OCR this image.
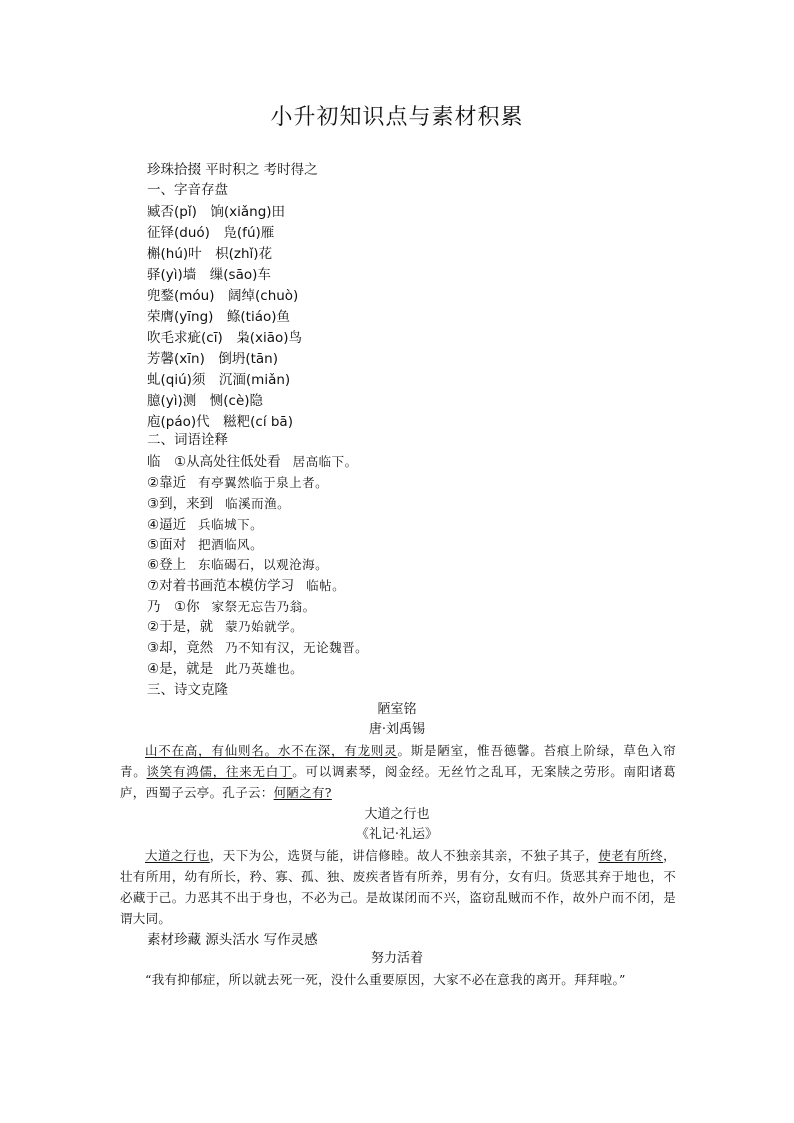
小升初知识点与素材积累
珍珠拾掇 平时积之 考时得之
一、字音存盘
臧否(pǐ)　饷(xiǎng)田
征铎(duó)　凫(fú)雁
槲(hú)叶　枳(zhǐ)花
驿(yì)墙　缫(sāo)车
兜鍪(móu)　阔绰(chuò)
荣膺(yīng)　鲦(tiáo)鱼
吹毛求疵(cī)　枭(xiāo)鸟
芳馨(xīn)　倒坍(tān)
虬(qiú)须　沉湎(miǎn)
臆(yì)测　恻(cè)隐
庖(páo)代　糍粑(cí bā)
二、词语诠释
临　①从高处往低处看 居高临下。
②靠近 有亭翼然临于泉上者。
③到，来到 临溪而渔。
④逼近 兵临城下。
⑤面对 把酒临风。
⑥登上 东临碣石，以观沧海。
⑦对着书画范本模仿学习 临帖。
乃　①你 家祭无忘告乃翁。
②于是，就 蒙乃始就学。
③却，竟然 乃不知有汉，无论魏晋。
④是，就是 此乃英雄也。
三、诗文克隆
陋室铭
唐·刘禹锡
山不在高，有仙则名。水不在深，有龙则灵。斯是陋室，惟吾德馨。苔痕上阶绿，草色入帘青。谈笑有鸿儒，往来无白丁。可以调素琴，阅金经。无丝竹之乱耳，无案牍之劳形。南阳诸葛庐，西蜀子云亭。孔子云：何陋之有?
大道之行也
《礼记·礼运》
大道之行也，天下为公，选贤与能，讲信修睦。故人不独亲其亲，不独子其子，使老有所终，壮有所用，幼有所长，矜、寡、孤、独、废疾者皆有所养，男有分，女有归。货恶其弃于地也，不必藏于己。力恶其不出于身也，不必为己。是故谋闭而不兴，盗窃乱贼而不作，故外户而不闭，是谓大同。
素材珍藏 源头活水 写作灵感
努力活着
“我有抑郁症，所以就去死一死，没什么重要原因，大家不必在意我的离开。拜拜啦。”
